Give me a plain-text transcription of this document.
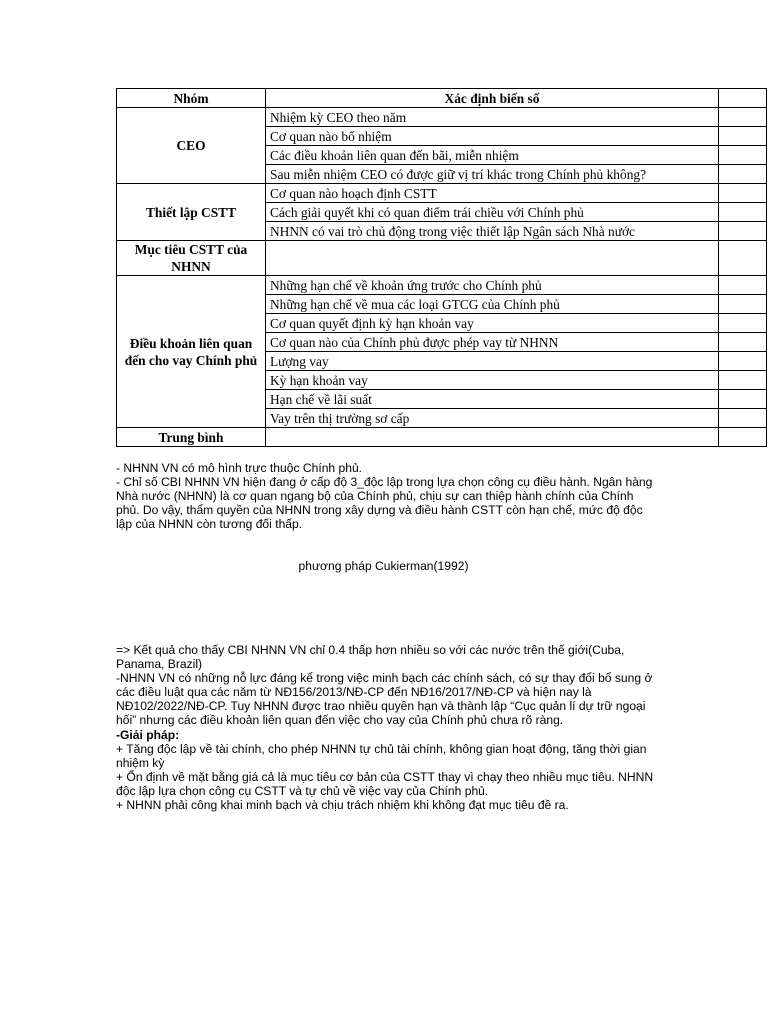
Nhóm	Xác định biến số	
CEO	Nhiệm kỳ CEO theo năm	
	Cơ quan nào bổ nhiệm	
	Các điều khoản liên quan đến bãi, miễn nhiệm	
	Sau miễn nhiệm CEO có được giữ vị trí khác trong Chính phủ không?	
Thiết lập CSTT	Cơ quan nào hoạch định CSTT	
	Cách giải quyết khi có quan điểm trái chiều với Chính phủ	
	NHNN có vai trò chủ động trong việc thiết lập Ngân sách Nhà nước	
Mục tiêu CSTT của NHNN		
Điều khoản liên quan đến cho vay Chính phủ	Những hạn chế về khoản ứng trước cho Chính phủ	
	Những hạn chế về mua các loại GTCG của Chính phủ	
	Cơ quan quyết định kỳ hạn khoản vay	
	Cơ quan nào của Chính phủ được phép vay từ NHNN	
	Lượng vay	
	Kỳ hạn khoản vay	
	Hạn chế về lãi suất	
	Vay trên thị trường sơ cấp	
Trung bình		

- NHNN VN có mô hình trực thuộc Chính phủ.

- Chỉ số CBI NHNN VN hiện đang ở cấp độ 3_độc lập trong lựa chọn công cụ điều hành. Ngân hàng Nhà nước (NHNN) là cơ quan ngang bộ của Chính phủ, chịu sự can thiệp hành chính của Chính phủ. Do vậy, thẩm quyền của NHNN trong xây dựng và điều hành CSTT còn hạn chế, mức độ độc lập của NHNN còn tương đối thấp.

phương pháp Cukierman(1992)

=> Kết quả cho thấy CBI NHNN VN chỉ 0.4 thấp hơn nhiều so với các nước trên thế giới(Cuba, Panama, Brazil)

-NHNN VN có những nỗ lực đáng kể trong việc minh bạch các chính sách, có sự thay đổi bổ sung ở các điều luật qua các năm từ NĐ156/2013/NĐ-CP đến NĐ16/2017/NĐ-CP và hiện nay là NĐ102/2022/NĐ-CP. Tuy NHNN được trao nhiều quyền hạn và thành lập “Cục quản lí dự trữ ngoại hối” nhưng các điều khoản liên quan đến việc cho vay của Chính phủ chưa rõ ràng.

-Giải pháp:

+ Tăng độc lập về tài chính, cho phép NHNN tự chủ tài chính, không gian hoạt động, tăng thời gian nhiệm kỳ

+ Ổn định về mặt bằng giá cả là mục tiêu cơ bản của CSTT thay vì chạy theo nhiều mục tiêu. NHNN độc lập lựa chọn công cụ CSTT và tự chủ về việc vay của Chính phủ.

+ NHNN phải công khai minh bạch và chịu trách nhiệm khi không đạt mục tiêu đề ra.
